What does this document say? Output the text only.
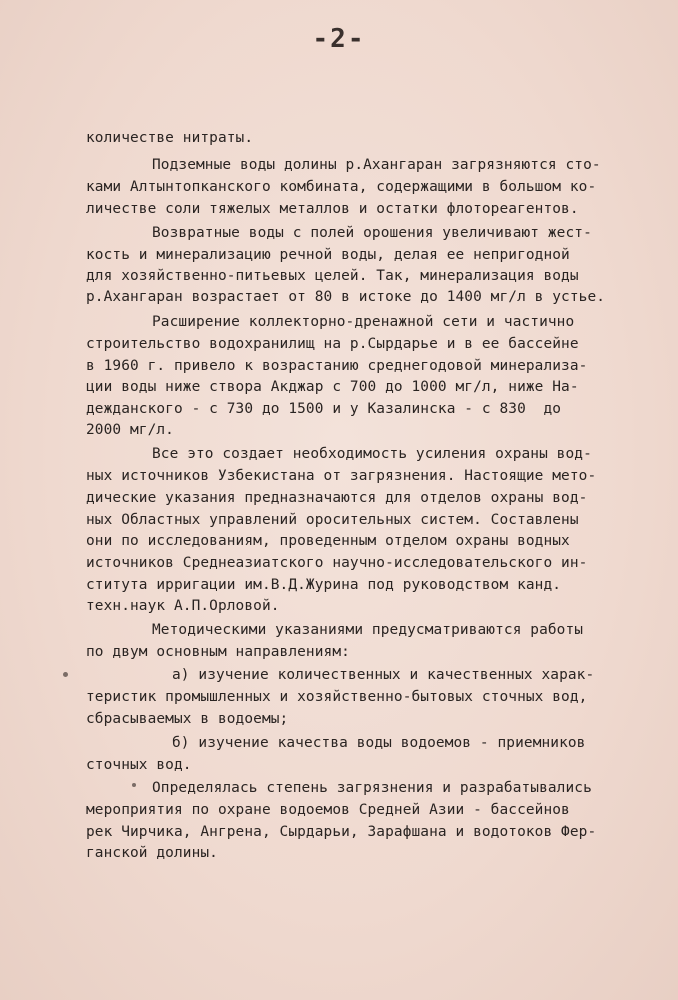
-2-
количестве нитраты.
Подземные воды долины р.Ахангаран загрязняются сто-
ками Алтынтопканского комбината, содержащими в большом ко-
личестве соли тяжелых металлов и остатки флотореагентов.
Возвратные воды с полей орошения увеличивают жест-
кость и минерализацию речной воды, делая ее непригодной
для хозяйственно-питьевых целей. Так, минерализация воды
р.Ахангаран возрастает от 80 в истоке до 1400 мг/л в устье.
Расширение коллекторно-дренажной сети и частично
строительство водохранилищ на р.Сырдарье и в ее бассейне
в 1960 г. привело к возрастанию среднегодовой минерализа-
ции воды ниже створа Акджар с 700 до 1000 мг/л, ниже На-
дежданского - с 730 до 1500 и у Казалинска - с 830  до
2000 мг/л.
Все это создает необходимость усиления охраны вод-
ных источников Узбекистана от загрязнения. Настоящие мето-
дические указания предназначаются для отделов охраны вод-
ных Областных управлений оросительных систем. Составлены
они по исследованиям, проведенным отделом охраны водных
источников Среднеазиатского научно-исследовательского ин-
ститута ирригации им.В.Д.Журина под руководством канд.
техн.наук А.П.Орловой.
Методическими указаниями предусматриваются работы
по двум основным направлениям:
а) изучение количественных и качественных харак-
теристик промышленных и хозяйственно-бытовых сточных вод,
сбрасываемых в водоемы;
б) изучение качества воды водоемов - приемников
сточных вод.
Определялась степень загрязнения и разрабатывались
мероприятия по охране водоемов Средней Азии - бассейнов
рек Чирчика, Ангрена, Сырдарьи, Зарафшана и водотоков Фер-
ганской долины.
